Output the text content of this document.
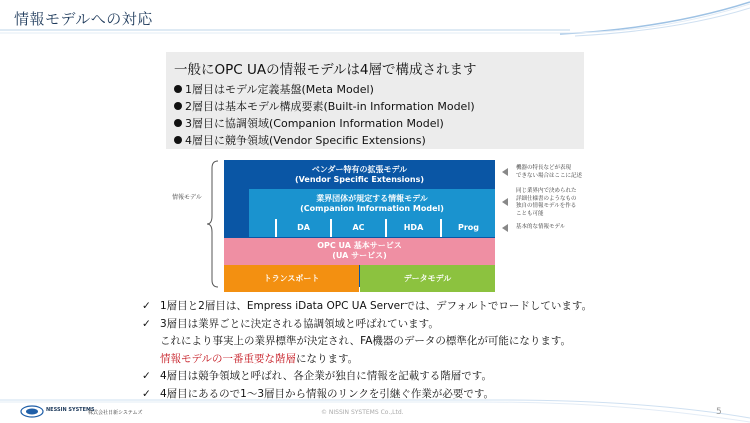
情報モデルへの対応
一般にOPC UAの情報モデルは4層で構成されます
1層目はモデル定義基盤(Meta Model)
2層目は基本モデル構成要素(Built-in Information Model)
3層目に協調領域(Companion Information Model)
4層目に競争領域(Vendor Specific Extensions)
情報モデル
ベンダー特有の拡張モデル
(Vendor Specific Extensions)
業界団体が規定する情報モデル
(Companion Information Model)
DA	AC	HDA	Prog
OPC UA 基本サービス
(UA サービス)
トランスポート	データモデル
機器の特長などが表現
できない場合はここに記述
同じ業界内で決められた
詳細仕様書のようなもの
独自の情報モデルを作る
ことも可能
基本的な情報モデル
✓ 1層目と2層目は、Empress iData OPC UA Serverでは、デフォルトでロードしています。
✓ 3層目は業界ごとに決定される協調領域と呼ばれています。
これにより事実上の業界標準が決定され、FA機器のデータの標準化が可能になります。
情報モデルの一番重要な階層になります。
✓ 4層目は競争領域と呼ばれ、各企業が独自に情報を記載する階層です。
✓ 4層目にあるので1～3層目から情報のリンクを引継ぐ作業が必要です。
NESSIN SYSTEMS
株式会社日新システムズ	© NISSIN SYSTEMS Co.,Ltd.	5
